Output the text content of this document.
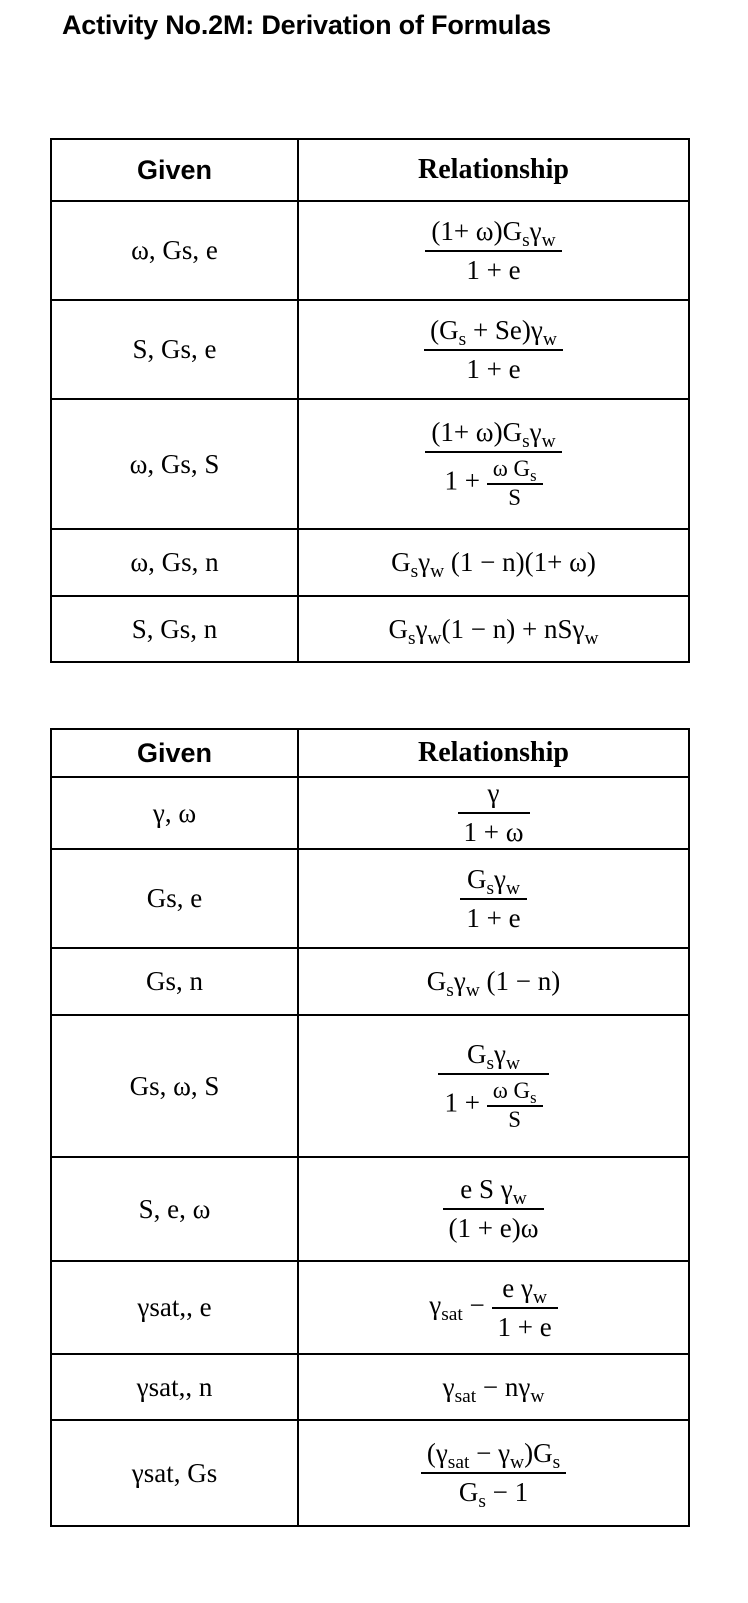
Activity No.2M: Derivation of Formulas
Given	Relationship
ω, Gs, e	$\frac{(1+ \omega)G_s\gamma_w}{1 + e}$

S, Gs, e	$\frac{(G_s + Se)\gamma_w}{1 + e}$

ω, Gs, S	$\frac{(1+ \omega)G_s\gamma_w}{1 + \frac{\omega G_s}{S}}$

ω, Gs, n	$G_s\gamma_w$ (1 − n)(1+ ω)
S, Gs, n	$G_s\gamma_w(1 - n) + nS\gamma_w$
Given	Relationship
γ, ω	$\frac{\gamma}{1 + \omega}$

Gs, e	$\frac{G_s\gamma_w}{1 + e}$

Gs, n	$G_s\gamma_w$ (1 − n)
Gs, ω, S	$\frac{G_s\gamma_w}{1 + \frac{\omega G_s}{S}}$

S, e, ω	$\frac{e S \gamma_w}{(1 + e)\omega}$

γsat,, e	$\gamma_{sat} - \frac{e \gamma_w}{1 + e}$

γsat,, n	$\gamma_{sat} - n\gamma_w$
γsat, Gs	$\frac{(\gamma_{sat} - \gamma_w)G_s}{G_s - 1}$
